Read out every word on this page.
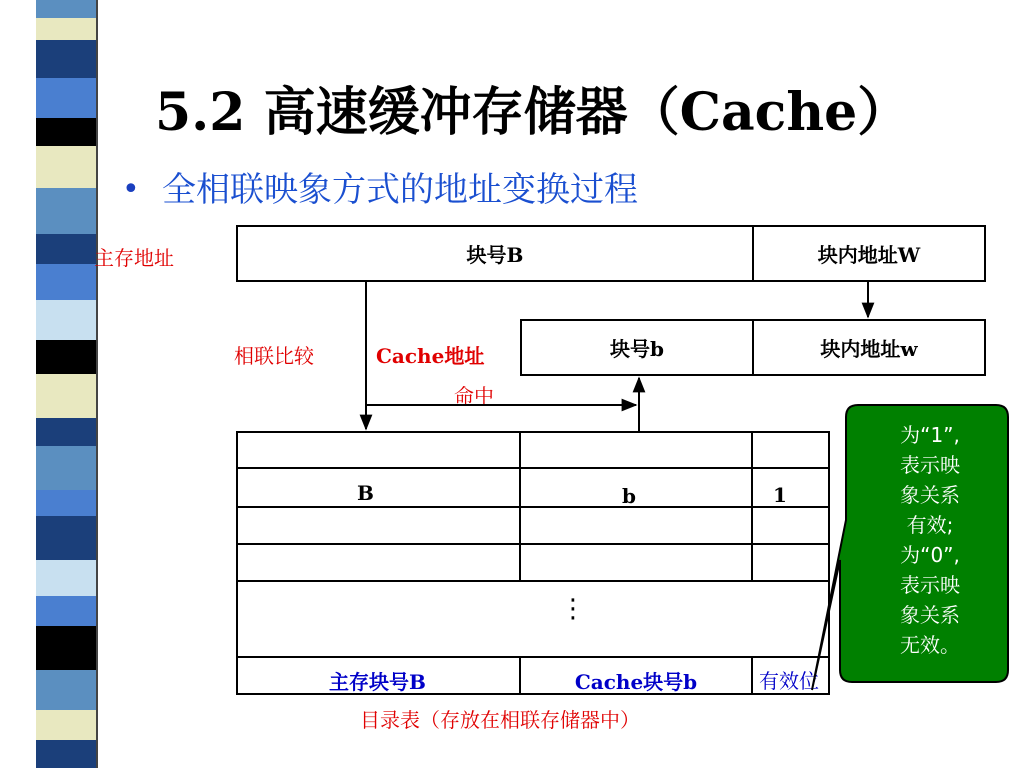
5.2 高速缓冲存储器（Cache）
• 全相联映象方式的地址变换过程
主存地址	块号B	块内地址W
相联比较	Cache地址	块号b	块内地址w
命中
B	b	1
⋮
主存块号B	Cache块号b	有效位
目录表（存放在相联存储器中）
为“1”,
表示映
象关系
有效;
为“0”,
表示映
象关系
无效。
